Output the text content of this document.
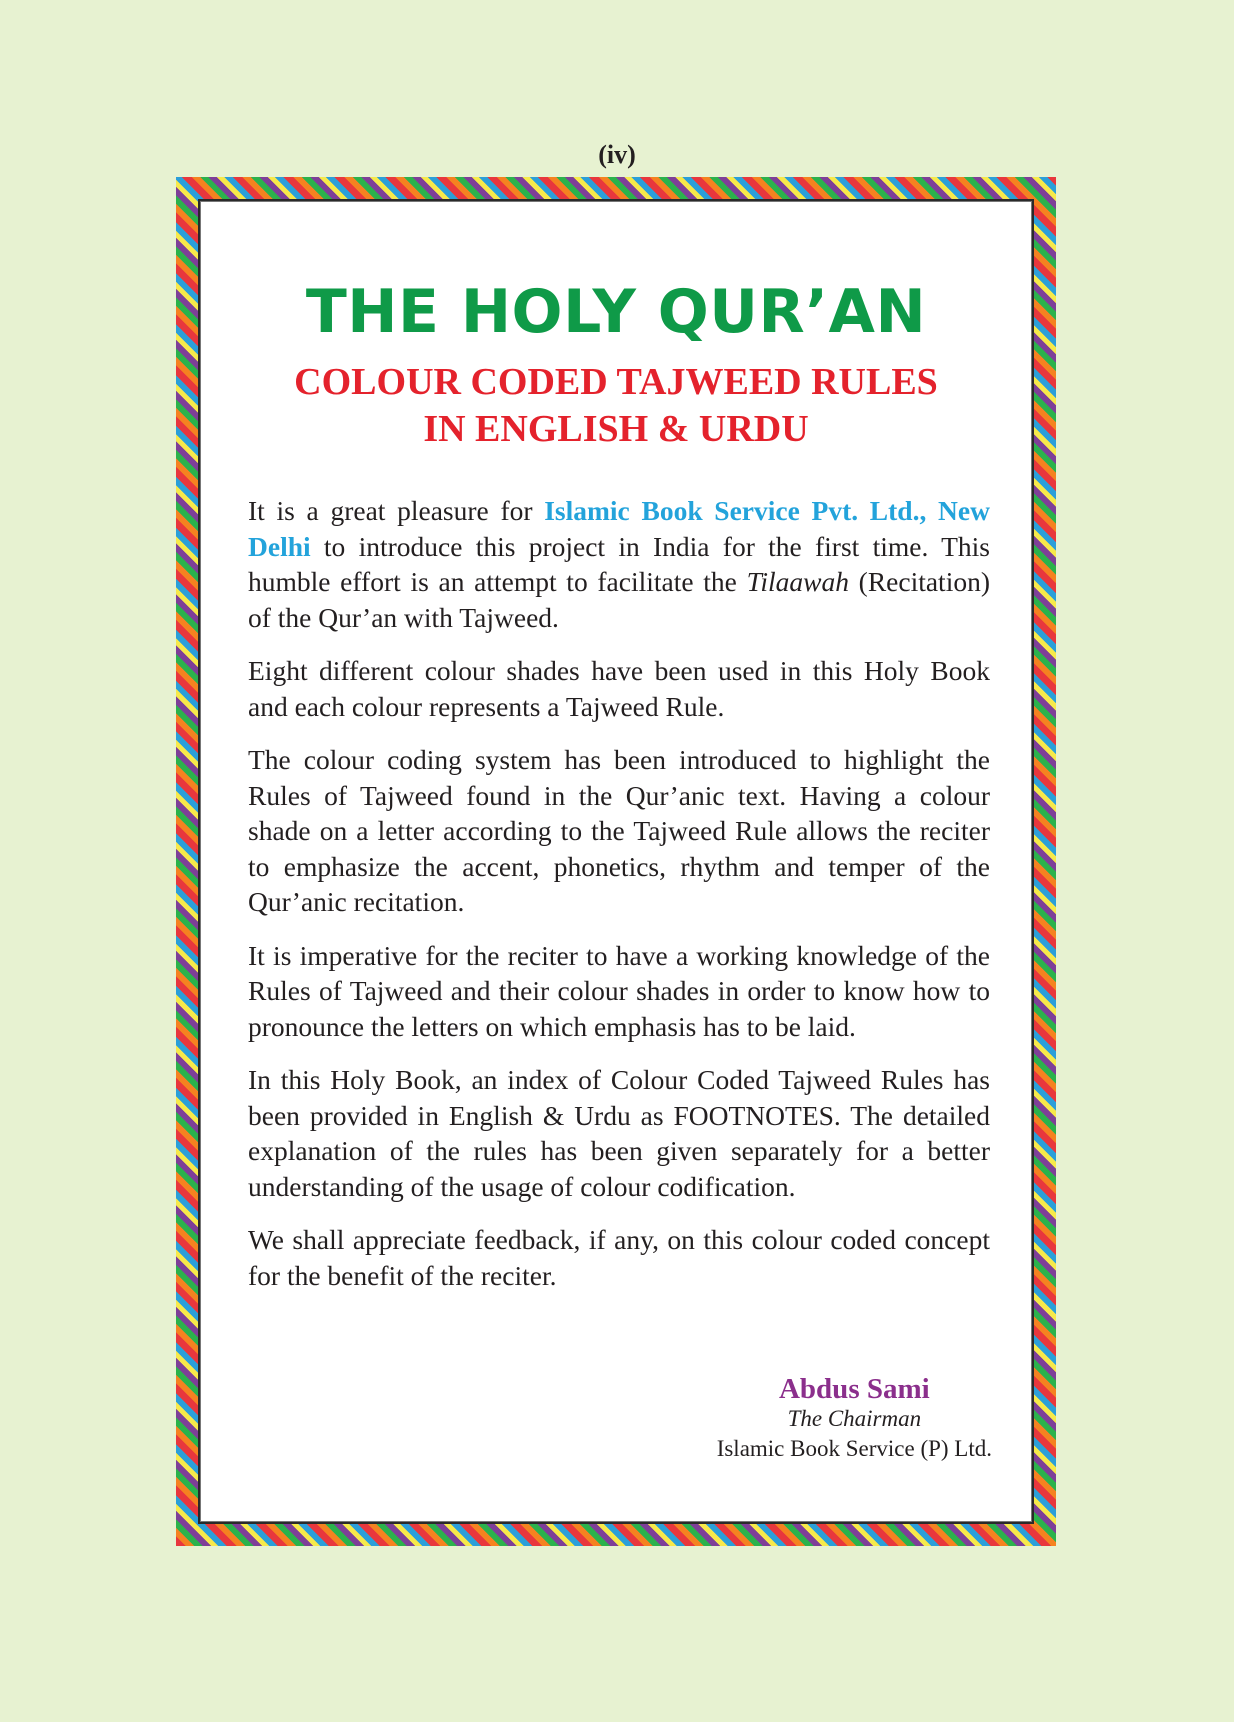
(iv)
THE HOLY QUR’AN
COLOUR CODED TAJWEED RULES
IN ENGLISH & URDU

It is a great pleasure for Islamic Book Service Pvt. Ltd., New Delhi to introduce this project in India for the first time. This humble effort is an attempt to facilitate the Tilaawah (Recitation) of the Qur’an with Tajweed.

Eight different colour shades have been used in this Holy Book and each colour represents a Tajweed Rule.

The colour coding system has been introduced to highlight the Rules of Tajweed found in the Qur’anic text. Having a colour shade on a letter according to the Tajweed Rule allows the reciter to emphasize the accent, phonetics, rhythm and temper of the Qur’anic recitation.

It is imperative for the reciter to have a working knowledge of the Rules of Tajweed and their colour shades in order to know how to pronounce the letters on which emphasis has to be laid.

In this Holy Book, an index of Colour Coded Tajweed Rules has been provided in English & Urdu as FOOTNOTES. The detailed explanation of the rules has been given separately for a better understanding of the usage of colour codification.

We shall appreciate feedback, if any, on this colour coded concept for the benefit of the reciter.

Abdus Sami
The Chairman
Islamic Book Service (P) Ltd.
